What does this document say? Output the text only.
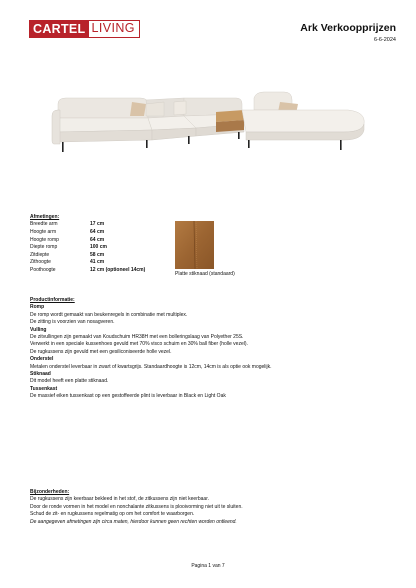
CARTEL LIVING	Ark Verkoopprijzen
6-6-2024
Afmetingen:
Breedte arm	17 cm
Hoogte arm	64 cm
Hoogte romp	64 cm
Diepte romp	100 cm
Zitdiepte	58 cm
Zithoogte	41 cm
Poothoogte	12 cm (optioneel 14cm)
Platte stiknaad (standaard)
Productinformatie:
Romp
De romp wordt gemaakt van beukenregels in combinatie met multiplex.
De zitting is voorzien van nosagveren.
Vulling
De zitvullingen zijn gemaakt van Koudschuim HR38H met een bolleringslaag van Polyether 25S.
Verwerkt in een speciale kussenhoes gevuld met 70% visco schuim en 30% ball fiber (holle vezel).
De rugkussens zijn gevuld met een gesiliconiseerde holle vezel.
Onderstel
Metalen onderstel leverbaar in zwart of kwartsgrijs. Standaardhoogte is 12cm, 14cm is als optie ook mogelijk.
Stiknaad
Dit model heeft een platte stiknaad.
Tussenkast
De massief eiken tussenkast op een gestoffeerde plint is leverbaar in Black en Light Oak
Bijzonderheden:
De rugkussens zijn keerbaar bekleed in het stof, de zitkussens zijn niet keerbaar.
Door de ronde vormen in het model en nonchalante zitkussens is plooivorming niet uit te sluiten.
Schud de zit- en rugkussens regelmatig op om het comfort te waarborgen.
De aangegeven afmetingen zijn circa maten, hierdoor kunnen geen rechten worden ontleend.
Pagina 1 van 7
